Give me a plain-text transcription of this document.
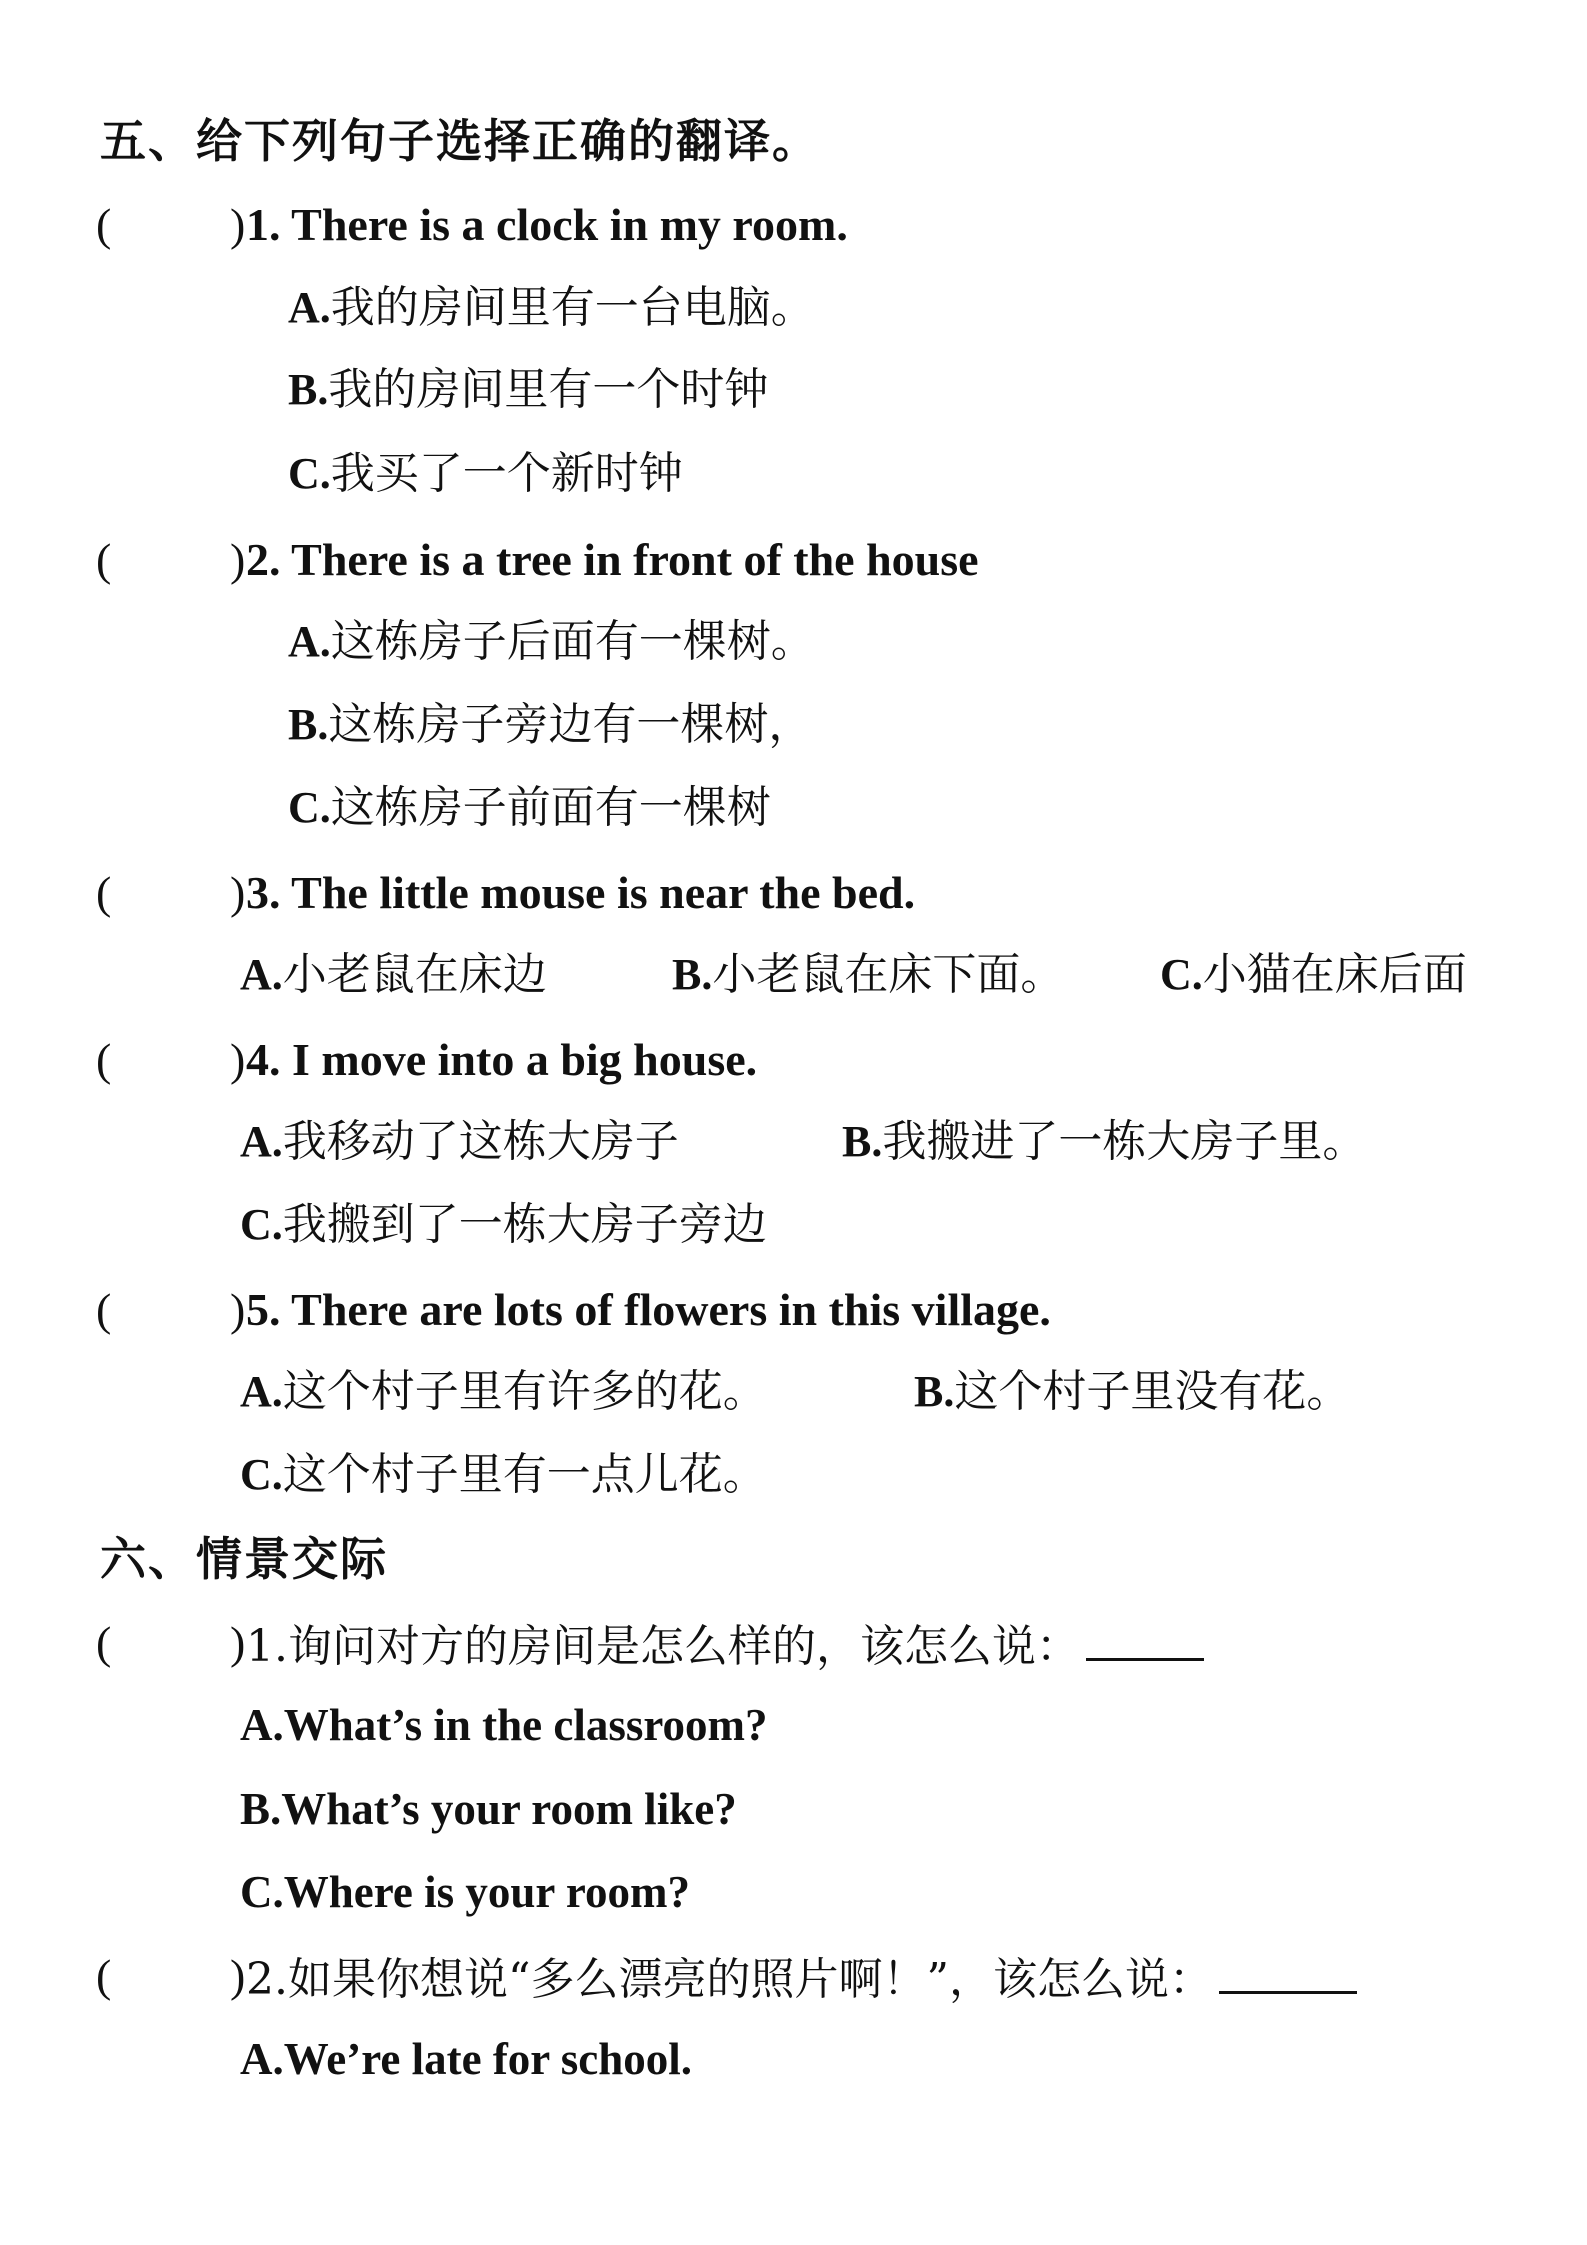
五、给下列句子选择正确的翻译。
(	) 1. There is a clock in my room.
A.我的房间里有一台电脑。
B.我的房间里有一个时钟
C.我买了一个新时钟
(	) 2. There is a tree in front of the house
A.这栋房子后面有一棵树。
B.这栋房子旁边有一棵树，
C.这栋房子前面有一棵树
(	) 3. The little mouse is near the bed.
A.小老鼠在床边	B.小老鼠在床下面。 C.小猫在床后面
(	) 4. I move into a big house.
A.我移动了这栋大房子	B.我搬进了一栋大房子里。
C.我搬到了一栋大房子旁边
(	) 5. There are lots of flowers in this village.
A.这个村子里有许多的花。	B.这个村子里没有花。
C.这个村子里有一点儿花。
六、情景交际
(	) 1.询问对方的房间是怎么样的，该怎么说：
A.What’s in the classroom?
B.What’s your room like?
C.Where is your room?
(	) 2.如果你想说“多么漂亮的照片啊！”，该怎么说：
A.We’re late for school.
